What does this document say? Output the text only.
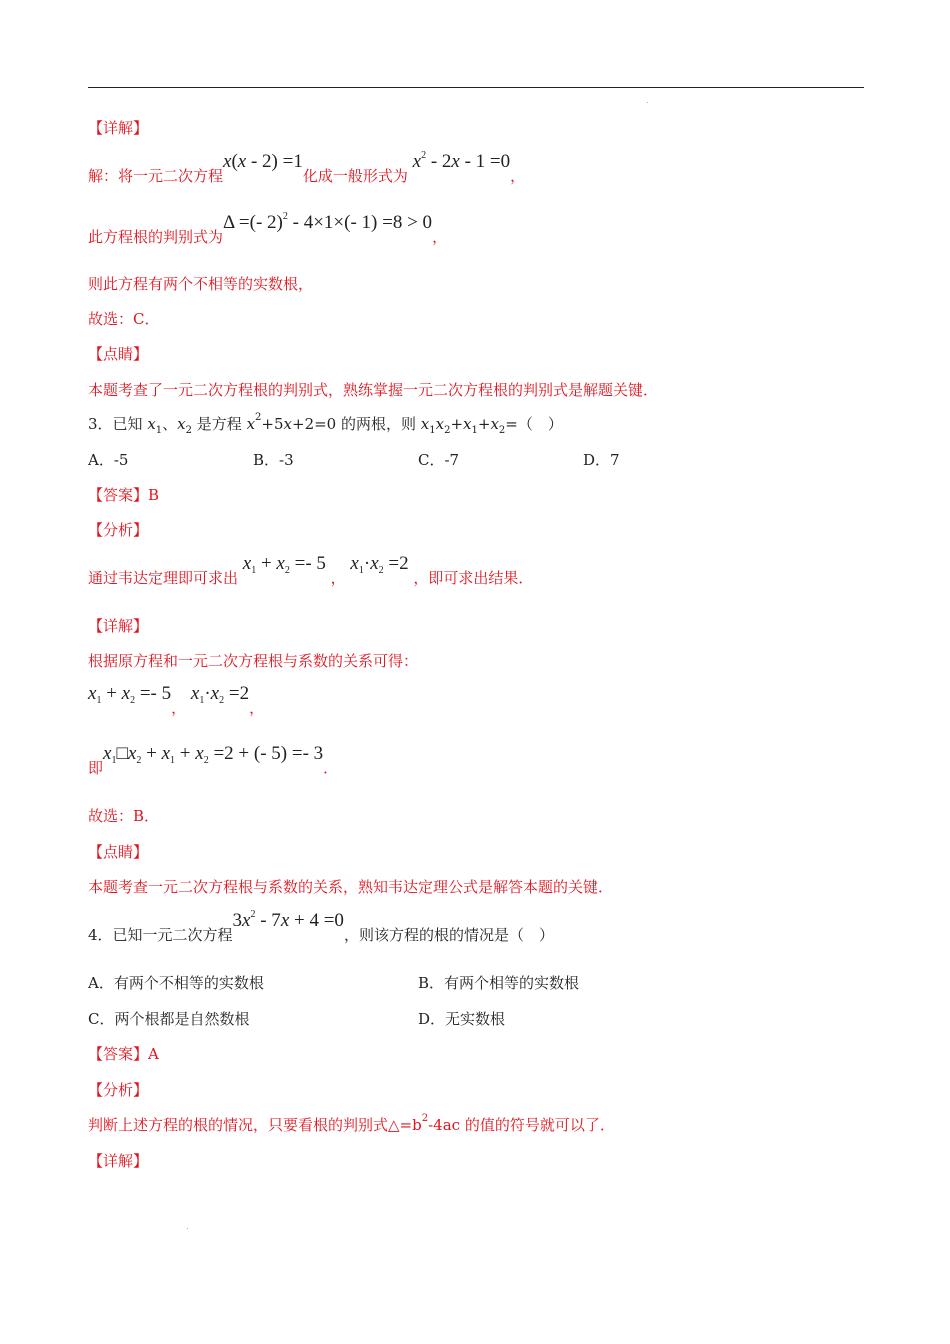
.
【详解】
解：将一元二次方程x(x - 2) =1化成一般形式为 $x^2 - 2x - 1 =0$，
此方程根的判别式为Δ =(- 2)$^2$ - 4×1×(- 1) =8 > 0，
则此方程有两个不相等的实数根，
故选：C．
【点睛】
本题考查了一元二次方程根的判别式，熟练掌握一元二次方程根的判别式是解题关键．
3．已知 $x_1$、$x_2$ 是方程 $x^2+5x+2=0$ 的两根，则 $x_1x_2+x_1+x_2=$（　）
A．-5	B．-3	C．-7	D．7
【答案】B
【分析】
通过韦达定理即可求出 $x_1 + x_2 =- 5$ ， $x_1\cdot x_2 =2$ ，即可求出结果．
【详解】
根据原方程和一元二次方程根与系数的关系可得：
$x_1 + x_2 =- 5$， $x_1\cdot x_2 =2$，
即$x_1□x_2 + x_1 + x_2 =2$ + (- 5) =- 3．
故选：B．
【点睛】
本题考查一元二次方程根与系数的关系，熟知韦达定理公式是解答本题的关键．
4．已知一元二次方程$3x^2 - 7x + 4 =0$，则该方程的根的情况是（　）
A．有两个不相等的实数根	B．有两个相等的实数根
C．两个根都是自然数根	D．无实数根
【答案】A
【分析】
判断上述方程的根的情况，只要看根的判别式$\triangle=b^2-4ac$ 的值的符号就可以了．
【详解】
.
